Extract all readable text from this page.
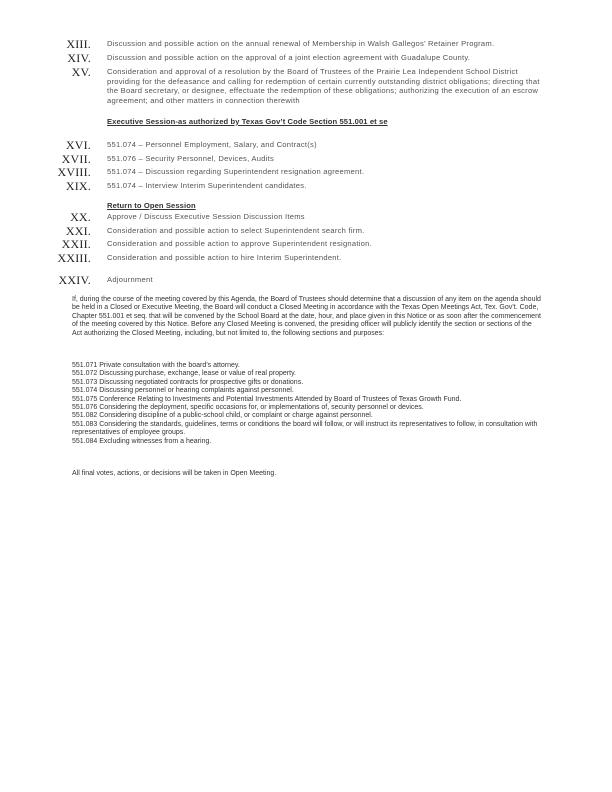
XIII. Discussion and possible action on the annual renewal of Membership in Walsh Gallegos’ Retainer Program.
XIV. Discussion and possible action on the approval of a joint election agreement with Guadalupe County.
XV. Consideration and approval of a resolution by the Board of Trustees of the Prairie Lea Independent School District providing for the defeasance and calling for redemption of certain currently outstanding district obligations; directing that the Board secretary, or designee, effectuate the redemption of these obligations; authorizing the execution of an escrow agreement; and other matters in connection therewith
Executive Session-as authorized by Texas Gov’t Code Section 551.001 et se
XVI. 551.074 – Personnel Employment, Salary, and Contract(s)
XVII. 551.076 – Security Personnel, Devices, Audits
XVIII. 551.074 – Discussion regarding Superintendent resignation agreement.
XIX. 551.074 – Interview Interim Superintendent candidates.
Return to Open Session
XX. Approve / Discuss Executive Session Discussion Items
XXI. Consideration and possible action to select Superintendent search firm.
XXII. Consideration and possible action to approve Superintendent resignation.
XXIII. Consideration and possible action to hire Interim Superintendent.
XXIV. Adjournment

If, during the course of the meeting covered by this Agenda, the Board of Trustees should determine that a discussion of any item on the agenda should be held in a Closed or Executive Meeting, the Board will conduct a Closed Meeting in accordance with the Texas Open Meetings Act, Tex. Gov’t. Code, Chapter 551.001 et seq. that will be convened by the School Board at the date, hour, and place given in this Notice or as soon after the commencement of the meeting covered by this Notice. Before any Closed Meeting is convened, the presiding officer will publicly identify the section or sections of the Act authorizing the Closed Meeting, including, but not limited to, the following sections and purposes:

551.071 Private consultation with the board’s attorney.
551.072 Discussing purchase, exchange, lease or value of real property.
551.073 Discussing negotiated contracts for prospective gifts or donations.
551.074 Discussing personnel or hearing complaints against personnel.
551.075 Conference Relating to Investments and Potential Investments Attended by Board of Trustees of Texas Growth Fund.
551.076 Considering the deployment, specific occasions for, or implementations of, security personnel or devices.
551.082 Considering discipline of a public-school child, or complaint or charge against personnel.
551.083 Considering the standards, guidelines, terms or conditions the board will follow, or will instruct its representatives to follow, in consultation with representatives of employee groups.
551.084 Excluding witnesses from a hearing.
All final votes, actions, or decisions will be taken in Open Meeting.
